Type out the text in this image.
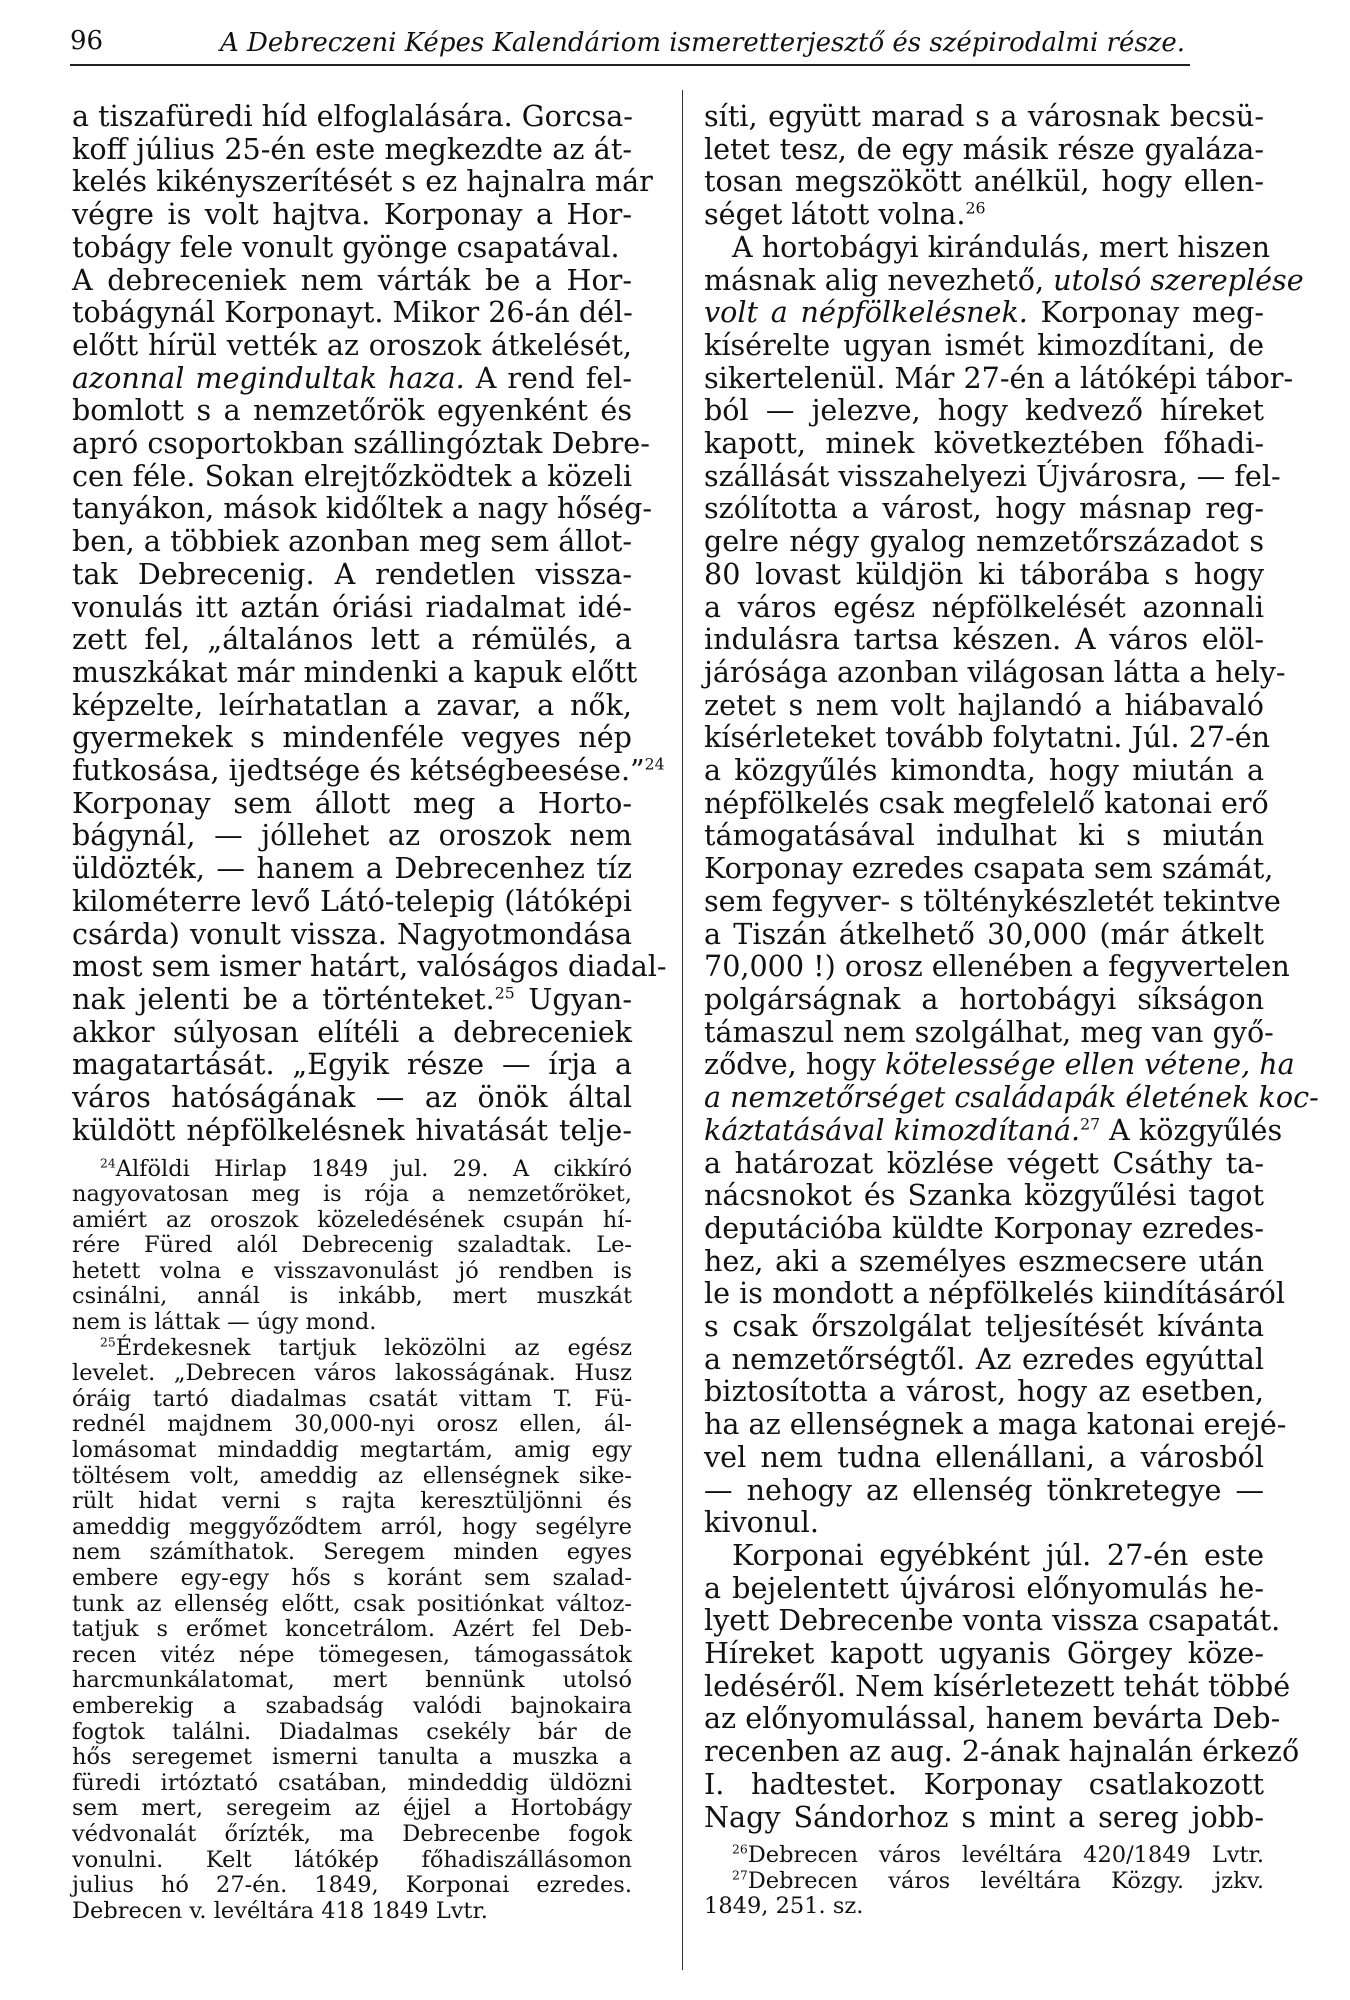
96	A Debreczeni Képes Kalendáriom ismeretterjesztő és szépirodalmi része.
a tiszafüredi híd elfoglalására. Gorcsa-
koff július 25-én este megkezdte az át-
kelés kikényszerítését s ez hajnalra már
végre is volt hajtva. Korponay a Hor-
tobágy fele vonult gyönge csapatával.
A debreceniek nem várták be a Hor-
tobágynál Korponayt. Mikor 26-án dél-
előtt hírül vették az oroszok átkelését,
azonnal megindultak haza. A rend fel-
bomlott s a nemzetőrök egyenként és
apró csoportokban szállingóztak Debre-
cen féle. Sokan elrejtőzködtek a közeli
tanyákon, mások kidőltek a nagy hőség-
ben, a többiek azonban meg sem állot-
tak Debrecenig. A rendetlen vissza-
vonulás itt aztán óriási riadalmat idé-
zett fel, „általános lett a rémülés, a
muszkákat már mindenki a kapuk előtt
képzelte, leírhatatlan a zavar, a nők,
gyermekek s mindenféle vegyes nép
futkosása, ijedtsége és kétségbeesése.”$^{24}$
Korponay sem állott meg a Horto-
bágynál, — jóllehet az oroszok nem
üldözték, — hanem a Debrecenhez tíz
kilométerre levő Látó-telepig (látóképi
csárda) vonult vissza. Nagyotmondása
most sem ismer határt, valóságos diadal-
nak jelenti be a történteket.$^{25}$ Ugyan-
akkor súlyosan elítéli a debreceniek
magatartását. „Egyik része — írja a
város hatóságának — az önök által
küldött népfölkelésnek hivatását telje-
$^{24}$Alföldi Hirlap 1849 jul. 29. A cikkíró
nagyovatosan meg is rója a nemzetőröket,
amiért az oroszok közeledésének csupán hí-
rére Füred alól Debrecenig szaladtak. Le-
hetett volna e visszavonulást jó rendben is
csinálni, annál is inkább, mert muszkát
nem is láttak — úgy mond.
$^{25}$Érdekesnek tartjuk leközölni az egész
levelet. „Debrecen város lakosságának. Husz
óráig tartó diadalmas csatát vittam T. Fü-
rednél majdnem 30,000-nyi orosz ellen, ál-
lomásomat mindaddig megtartám, amig egy
töltésem volt, ameddig az ellenségnek sike-
rült hidat verni s rajta keresztüljönni és
ameddig meggyőződtem arról, hogy segélyre
nem számíthatok. Seregem minden egyes
embere egy-egy hős s koránt sem szalad-
tunk az ellenség előtt, csak positiónkat változ-
tatjuk s erőmet koncetrálom. Azért fel Deb-
recen vitéz népe tömegesen, támogassátok
harcmunkálatomat, mert bennünk utolsó
emberekig a szabadság valódi bajnokaira
fogtok találni. Diadalmas csekély bár de
hős seregemet ismerni tanulta a muszka a
füredi irtóztató csatában, mindeddig üldözni
sem mert, seregeim az éjjel a Hortobágy
védvonalát őrízték, ma Debrecenbe fogok
vonulni. Kelt látókép főhadiszállásomon
julius hó 27-én. 1849, Korponai ezredes.
Debrecen v. levéltára 418 1849 Lvtr.
síti, együtt marad s a városnak becsü-
letet tesz, de egy másik része gyaláza-
tosan megszökött anélkül, hogy ellen-
séget látott volna.$^{26}$
A hortobágyi kirándulás, mert hiszen
másnak alig nevezhető, utolsó szereplése
volt a népfölkelésnek. Korponay meg-
kísérelte ugyan ismét kimozdítani, de
sikertelenül. Már 27-én a látóképi tábor-
ból — jelezve, hogy kedvező híreket
kapott, minek következtében főhadi-
szállását visszahelyezi Újvárosra, — fel-
szólította a várost, hogy másnap reg-
gelre négy gyalog nemzetőrszázadot s
80 lovast küldjön ki táborába s hogy
a város egész népfölkelését azonnali
indulásra tartsa készen. A város elöl-
járósága azonban világosan látta a hely-
zetet s nem volt hajlandó a hiábavaló
kísérleteket tovább folytatni. Júl. 27-én
a közgyűlés kimondta, hogy miután a
népfölkelés csak megfelelő katonai erő
támogatásával indulhat ki s miután
Korponay ezredes csapata sem számát,
sem fegyver- s tölténykészletét tekintve
a Tiszán átkelhető 30,000 (már átkelt
70,000 !) orosz ellenében a fegyvertelen
polgárságnak a hortobágyi síkságon
támaszul nem szolgálhat, meg van győ-
ződve, hogy kötelessége ellen vétene, ha
a nemzetőrséget családapák életének koc-
káztatásával kimozdítaná.$^{27}$ A közgyűlés
a határozat közlése végett Csáthy ta-
nácsnokot és Szanka közgyűlési tagot
deputációba küldte Korponay ezredes-
hez, aki a személyes eszmecsere után
le is mondott a népfölkelés kiindításáról
s csak őrszolgálat teljesítését kívánta
a nemzetőrségtől. Az ezredes egyúttal
biztosította a várost, hogy az esetben,
ha az ellenségnek a maga katonai erejé-
vel nem tudna ellenállani, a városból
— nehogy az ellenség tönkretegye —
kivonul.
Korponai egyébként júl. 27-én este
a bejelentett újvárosi előnyomulás he-
lyett Debrecenbe vonta vissza csapatát.
Híreket kapott ugyanis Görgey köze-
ledéséről. Nem kísérletezett tehát többé
az előnyomulással, hanem bevárta Deb-
recenben az aug. 2-ának hajnalán érkező
I. hadtestet. Korponay csatlakozott
Nagy Sándorhoz s mint a sereg jobb-
$^{26}$Debrecen város levéltára 420/1849 Lvtr.
$^{27}$Debrecen város levéltára Közgy. jzkv.
1849, 251. sz.
